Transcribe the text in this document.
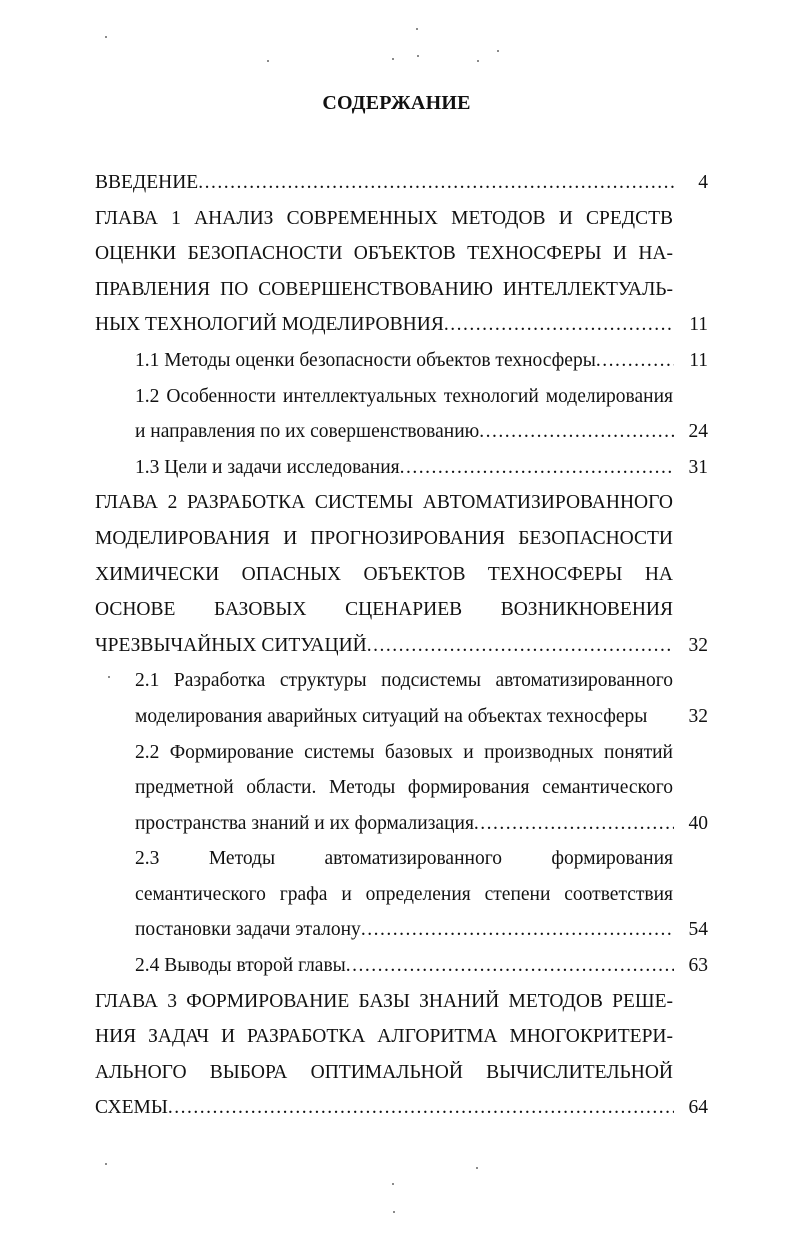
СОДЕРЖАНИЕ
ВВЕДЕНИЕ .....	4
ГЛАВА 1 АНАЛИЗ СОВРЕМЕННЫХ МЕТОДОВ И СРЕДСТВ
ОЦЕНКИ БЕЗОПАСНОСТИ ОБЪЕКТОВ ТЕХНОСФЕРЫ И НА-
ПРАВЛЕНИЯ ПО СОВЕРШЕНСТВОВАНИЮ ИНТЕЛЛЕКТУАЛЬ-
НЫХ ТЕХНОЛОГИЙ МОДЕЛИРОВНИЯ .....	11
1.1 Методы оценки безопасности объектов техносферы .....	11
1.2 Особенности интеллектуальных технологий моделирования
и направления по их совершенствованию .....	24
1.3 Цели и задачи исследования .....	31
ГЛАВА 2 РАЗРАБОТКА СИСТЕМЫ АВТОМАТИЗИРОВАННОГО
МОДЕЛИРОВАНИЯ И ПРОГНОЗИРОВАНИЯ БЕЗОПАСНОСТИ
ХИМИЧЕСКИ ОПАСНЫХ ОБЪЕКТОВ ТЕХНОСФЕРЫ НА
ОСНОВЕ БАЗОВЫХ СЦЕНАРИЕВ ВОЗНИКНОВЕНИЯ
ЧРЕЗВЫЧАЙНЫХ СИТУАЦИЙ .....	32
2.1 Разработка структуры подсистемы автоматизированного
моделирования аварийных ситуаций на объектах техносферы	32
2.2 Формирование системы базовых и производных понятий
предметной области. Методы формирования семантического
пространства знаний и их формализация .....	40
2.3 Методы автоматизированного формирования
семантического графа и определения степени соответствия
постановки задачи эталону .....	54
2.4 Выводы второй главы .....	63
ГЛАВА 3 ФОРМИРОВАНИЕ БАЗЫ ЗНАНИЙ МЕТОДОВ РЕШЕ-
НИЯ ЗАДАЧ И РАЗРАБОТКА АЛГОРИТМА МНОГОКРИТЕРИ-
АЛЬНОГО ВЫБОРА ОПТИМАЛЬНОЙ ВЫЧИСЛИТЕЛЬНОЙ
СХЕМЫ .....	64
